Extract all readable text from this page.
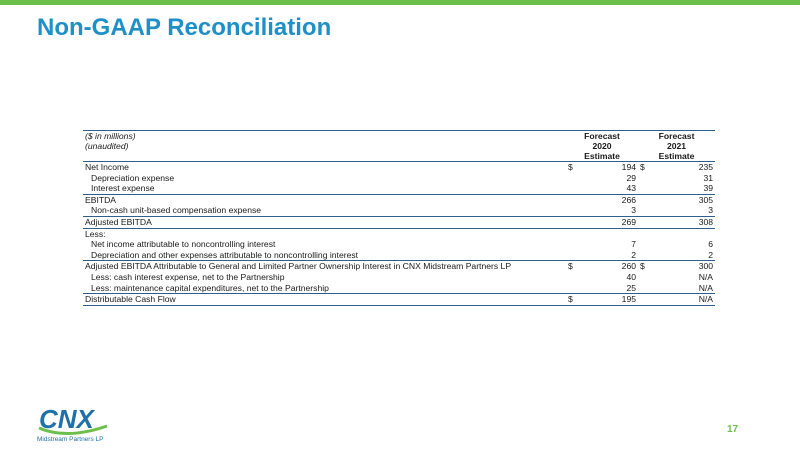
Non-GAAP Reconciliation
($ in millions)	Forecast		Forecast	
(unaudited)	2020		2021	
	Estimate		Estimate	
Net Income	$	194	$	235
Depreciation expense		29		31
Interest expense		43		39
EBITDA		266		305
Non-cash unit-based compensation expense		3		3
Adjusted EBITDA		269		308
Less:				
Net income attributable to noncontrolling interest		7		6
Depreciation and other expenses attributable to noncontrolling interest		2		2
Adjusted EBITDA Attributable to General and Limited Partner Ownership Interest in CNX Midstream Partners LP	$	260	$	300
Less: cash interest expense, net to the Partnership		40		N/A
Less: maintenance capital expenditures, net to the Partnership		25		N/A
Distributable Cash Flow	$	195		N/A
CNX
Midstream Partners LP
17
